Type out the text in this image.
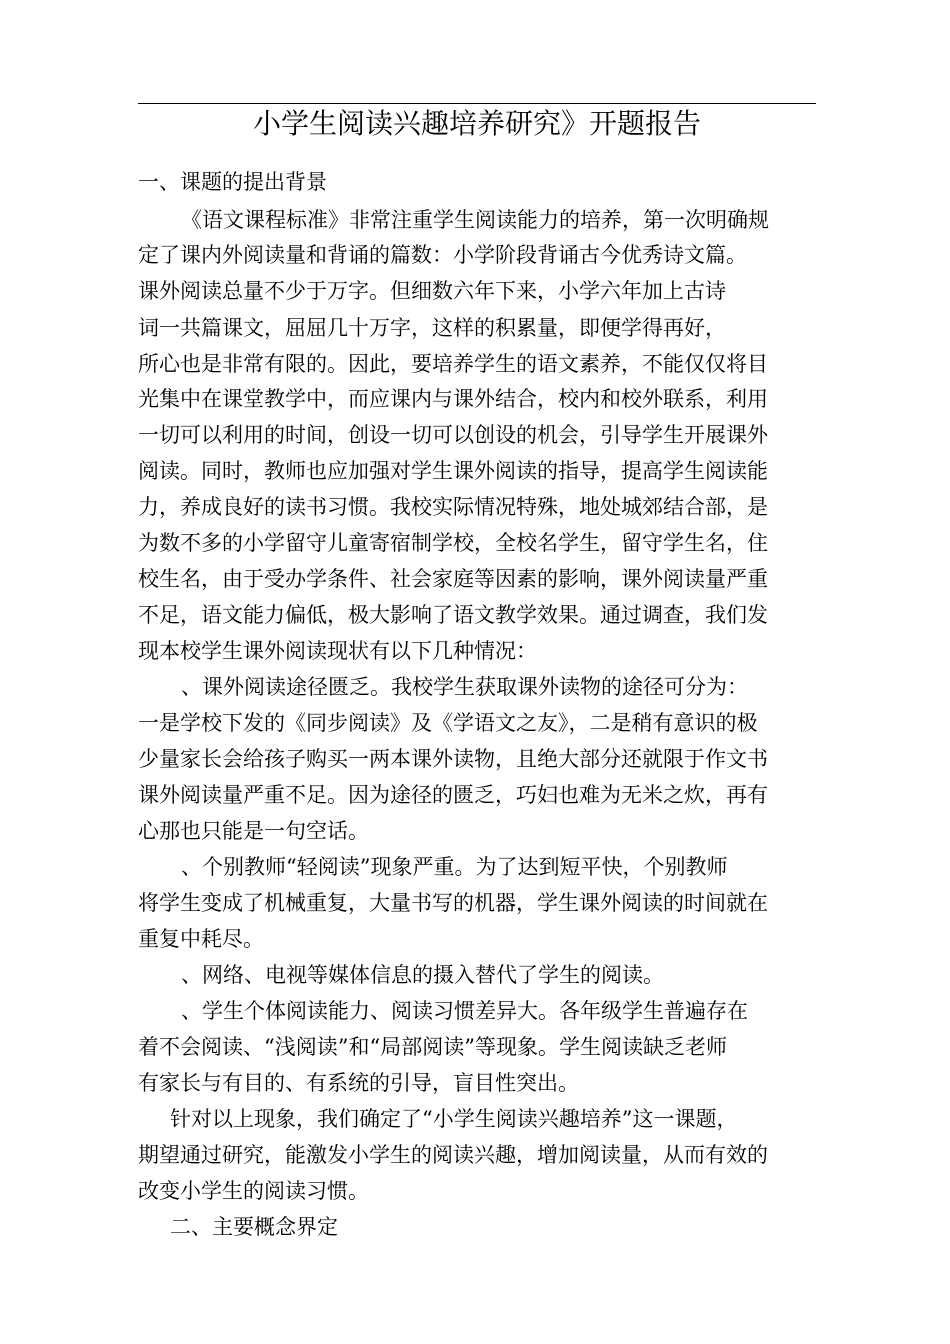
小学生阅读兴趣培养研究》开题报告
一、课题的提出背景
《语文课程标准》非常注重学生阅读能力的培养，第一次明确规
定了课内外阅读量和背诵的篇数：小学阶段背诵古今优秀诗文篇。
课外阅读总量不少于万字。但细数六年下来，小学六年加上古诗
词一共篇课文，屈屈几十万字，这样的积累量，即便学得再好，
所心也是非常有限的。因此，要培养学生的语文素养，不能仅仅将目
光集中在课堂教学中，而应课内与课外结合，校内和校外联系，利用
一切可以利用的时间，创设一切可以创设的机会，引导学生开展课外
阅读。同时，教师也应加强对学生课外阅读的指导，提高学生阅读能
力，养成良好的读书习惯。我校实际情况特殊，地处城郊结合部，是
为数不多的小学留守儿童寄宿制学校，全校名学生，留守学生名，住
校生名，由于受办学条件、社会家庭等因素的影响，课外阅读量严重
不足，语文能力偏低，极大影响了语文教学效果。通过调查，我们发
现本校学生课外阅读现状有以下几种情况：
、课外阅读途径匮乏。我校学生获取课外读物的途径可分为：
一是学校下发的《同步阅读》及《学语文之友》，二是稍有意识的极
少量家长会给孩子购买一两本课外读物，且绝大部分还就限于作文书
课外阅读量严重不足。因为途径的匮乏，巧妇也难为无米之炊，再有
心那也只能是一句空话。
、个别教师“轻阅读”现象严重。为了达到短平快，个别教师
将学生变成了机械重复，大量书写的机器，学生课外阅读的时间就在
重复中耗尽。
、网络、电视等媒体信息的摄入替代了学生的阅读。
、学生个体阅读能力、阅读习惯差异大。各年级学生普遍存在
着不会阅读、“浅阅读”和“局部阅读”等现象。学生阅读缺乏老师
有家长与有目的、有系统的引导，盲目性突出。
针对以上现象，我们确定了“小学生阅读兴趣培养”这一课题，
期望通过研究，能激发小学生的阅读兴趣，增加阅读量，从而有效的
改变小学生的阅读习惯。
二、主要概念界定
